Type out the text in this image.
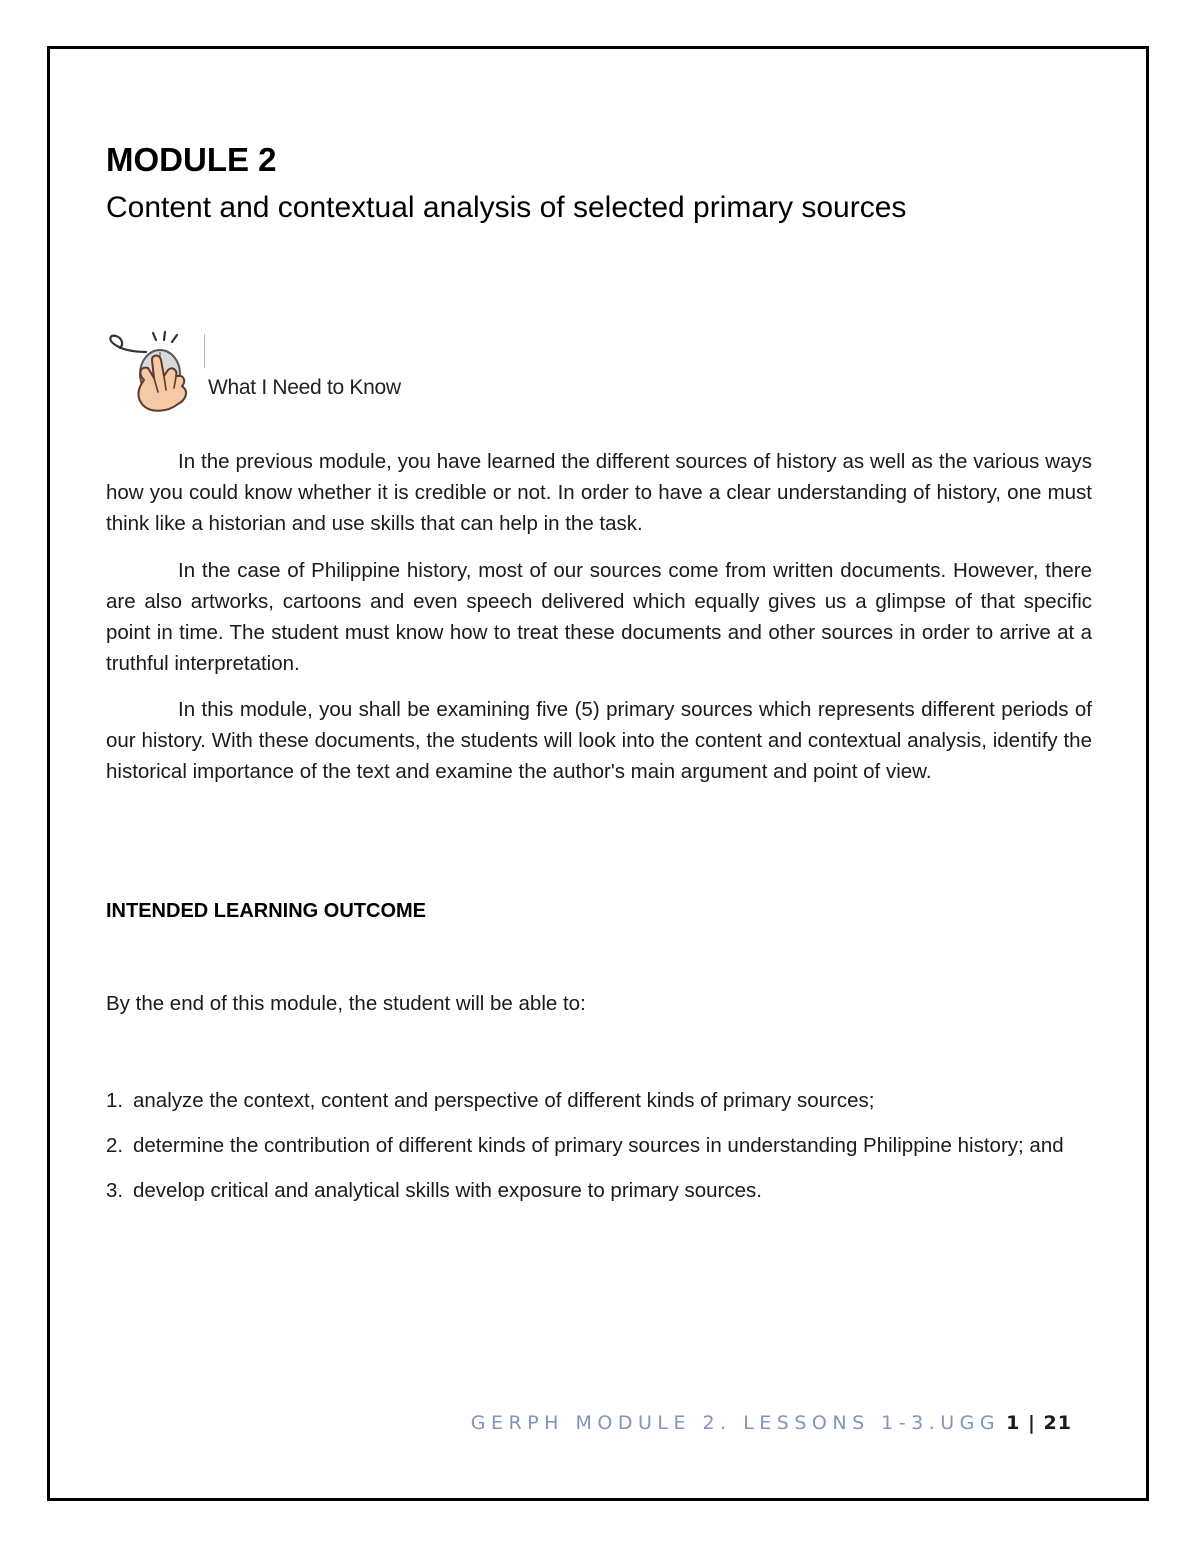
MODULE 2
Content and contextual analysis of selected primary sources
What I Need to Know

In the previous module, you have learned the different sources of history as well as the various ways how you could know whether it is credible or not. In order to have a clear understanding of history, one must think like a historian and use skills that can help in the task.

In the case of Philippine history, most of our sources come from written documents. However, there are also artworks, cartoons and even speech delivered which equally gives us a glimpse of that specific point in time. The student must know how to treat these documents and other sources in order to arrive at a truthful interpretation.

In this module, you shall be examining five (5) primary sources which represents different periods of our history. With these documents, the students will look into the content and contextual analysis, identify the historical importance of the text and examine the author's main argument and point of view.

INTENDED LEARNING OUTCOME
By the end of this module, the student will be able to:
1. analyze the context, content and perspective of different kinds of primary sources;
2. determine the contribution of different kinds of primary sources in understanding Philippine history; and
3. develop critical and analytical skills with exposure to primary sources.
GERPH MODULE 2. LESSONS 1-3.UGG 1 | 21
